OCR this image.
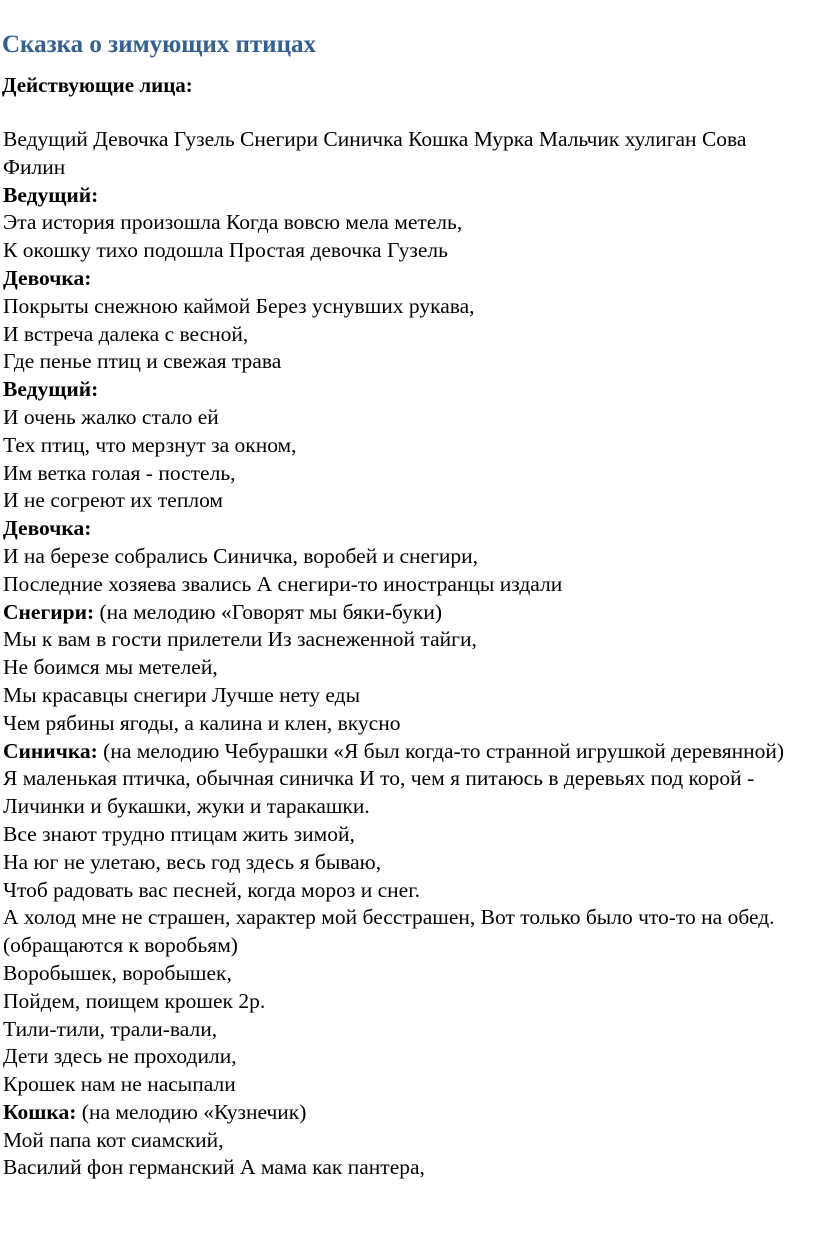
Сказка о зимующих птицах
Действующие лица:

Ведущий Девочка Гузель Снегири Синичка Кошка Мурка Мальчик хулиган Сова Филин

Ведущий:

Эта история произошла Когда вовсю мела метель,

К окошку тихо подошла Простая девочка Гузель

Девочка:

Покрыты снежною каймой Берез уснувших рукава,

И встреча далека с весной,

Где пенье птиц и свежая трава

Ведущий:

И очень жалко стало ей

Тех птиц, что мерзнут за окном,

Им ветка голая - постель,

И не согреют их теплом

Девочка:

И на березе собрались Синичка, воробей и снегири,

Последние хозяева звались А снегири-то иностранцы издали

Снегири: (на мелодию «Говорят мы бяки-буки)

Мы к вам в гости прилетели Из заснеженной тайги,

Не боимся мы метелей,

Мы красавцы снегири Лучше нету еды

Чем рябины ягоды, а калина и клен, вкусно

Синичка: (на мелодию Чебурашки «Я был когда-то странной игрушкой деревянной)

Я маленькая птичка, обычная синичка И то, чем я питаюсь в деревьях под корой - Личинки и букашки, жуки и таракашки.

Все знают трудно птицам жить зимой,

На юг не улетаю, весь год здесь я бываю,

Чтоб радовать вас песней, когда мороз и снег.

А холод мне не страшен, характер мой бесстрашен, Вот только было что-то на обед.

(обращаются к воробьям)

Воробышек, воробышек,

Пойдем, поищем крошек 2р.

Тили-тили, трали-вали,

Дети здесь не проходили,

Крошек нам не насыпали

Кошка: (на мелодию «Кузнечик)

Мой папа кот сиамский,

Василий фон германский А мама как пантера,
